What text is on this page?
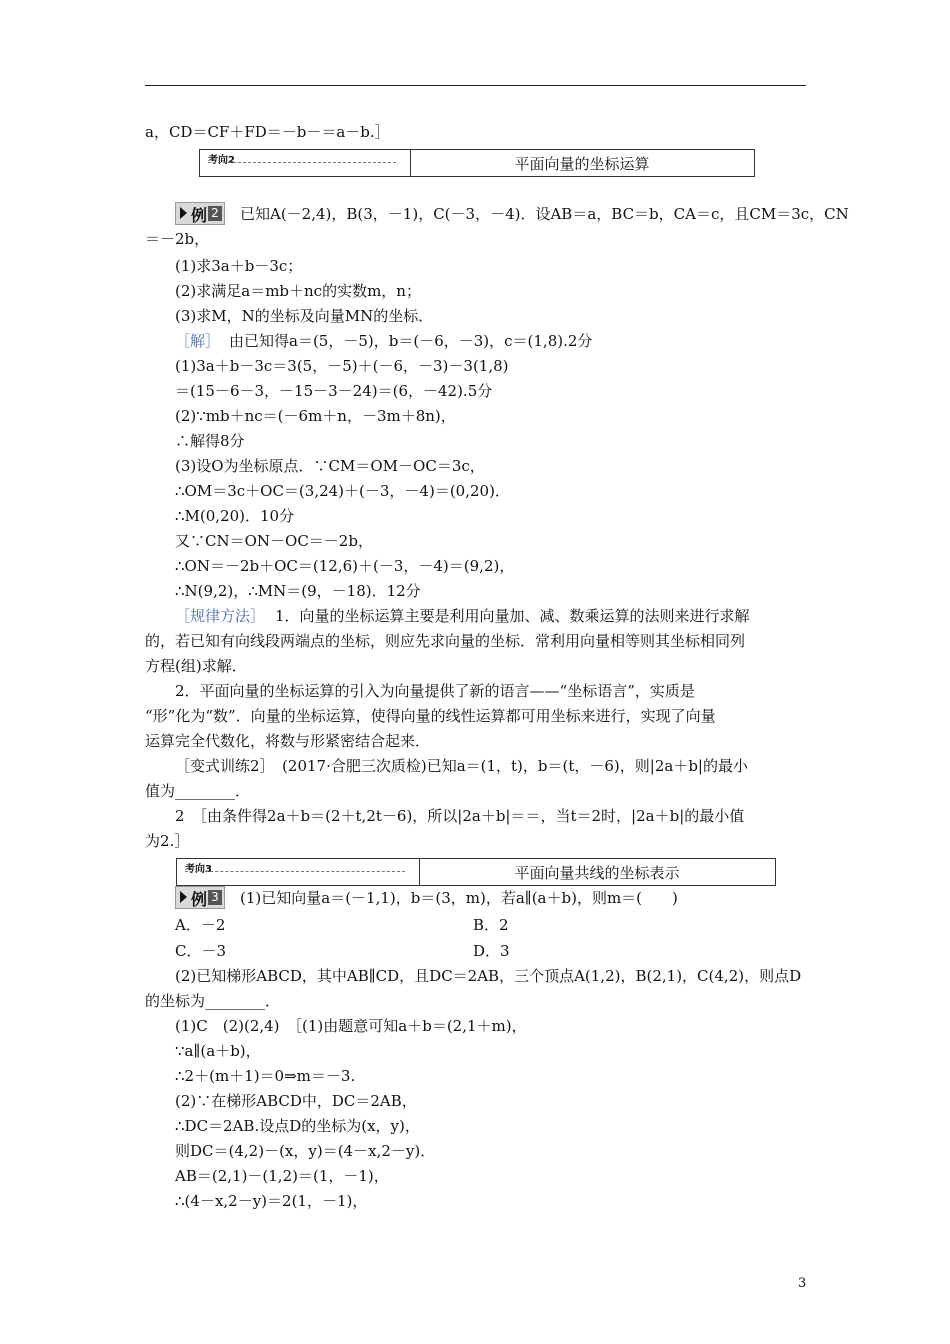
a，CD＝CF＋FD＝－b－＝a－b.］
考向2	平面向量的坐标运算
例 2 已知A(－2,4)，B(3，－1)，C(－3，－4)．设AB＝a，BC＝b，CA＝c，且CM＝3c，CN
＝－2b，
(1)求3a＋b－3c；
(2)求满足a＝mb＋nc的实数m，n；
(3)求M，N的坐标及向量MN的坐标．
［解］ 由已知得a＝(5，－5)，b＝(－6，－3)，c＝(1,8).2分
(1)3a＋b－3c＝3(5，－5)＋(－6，－3)－3(1,8)
＝(15－6－3，－15－3－24)＝(6，－42).5分
(2)∵mb＋nc＝(－6m＋n，－3m＋8n)，
∴解得8分
(3)设O为坐标原点．∵CM＝OM－OC＝3c，
∴OM＝3c＋OC＝(3,24)＋(－3，－4)＝(0,20)．
∴M(0,20)．10分
又∵CN＝ON－OC＝－2b，
∴ON＝－2b＋OC＝(12,6)＋(－3，－4)＝(9,2)，
∴N(9,2)，∴MN＝(9，－18)．12分
［规律方法］ 1．向量的坐标运算主要是利用向量加、减、数乘运算的法则来进行求解
的，若已知有向线段两端点的坐标，则应先求向量的坐标．常利用向量相等则其坐标相同列
方程(组)求解．
2．平面向量的坐标运算的引入为向量提供了新的语言——“坐标语言”，实质是
“形”化为“数”．向量的坐标运算，使得向量的线性运算都可用坐标来进行，实现了向量
运算完全代数化，将数与形紧密结合起来．
［变式训练2］　(2017·合肥三次质检)已知a＝(1，t)，b＝(t，－6)，则|2a＋b|的最小
值为________．
2　［由条件得2a＋b＝(2＋t,2t－6)，所以|2a＋b|＝＝，当t＝2时，|2a＋b|的最小值
为2.］
考向3	平面向量共线的坐标表示
例 3 (1)已知向量a＝(－1,1)，b＝(3，m)，若a∥(a＋b)，则m＝(　　)
A．－2	B．2
C．－3	D．3
(2)已知梯形ABCD，其中AB∥CD，且DC＝2AB，三个顶点A(1,2)，B(2,1)，C(4,2)，则点D
的坐标为________．
(1)C　(2)(2,4)　［(1)由题意可知a＋b＝(2,1＋m)，
∵a∥(a＋b)，
∴2＋(m＋1)＝0⇒m＝－3.
(2)∵在梯形ABCD中，DC＝2AB，
∴DC＝2AB.设点D的坐标为(x，y)，
则DC＝(4,2)－(x，y)＝(4－x,2－y)．
AB＝(2,1)－(1,2)＝(1，－1)，
∴(4－x,2－y)＝2(1，－1)，
3
